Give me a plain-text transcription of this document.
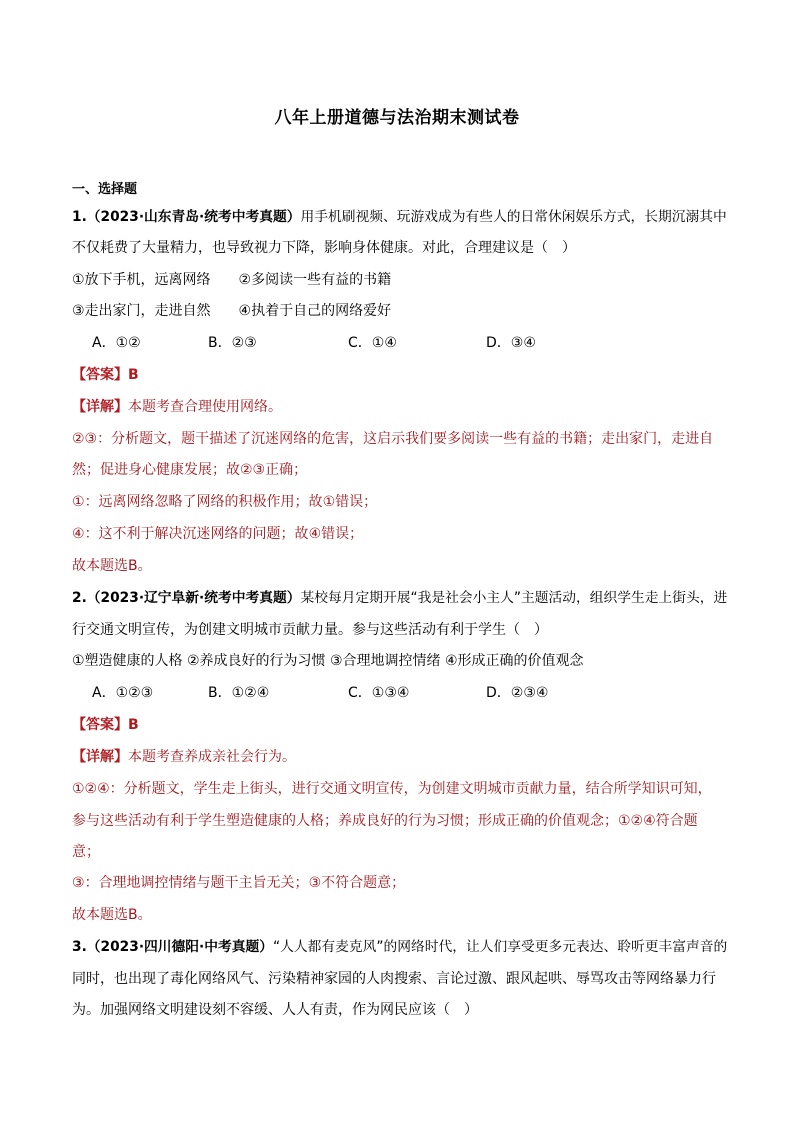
八年上册道德与法治期末测试卷
一、选择题
1.（2023·山东青岛·统考中考真题）用手机刷视频、玩游戏成为有些人的日常休闲娱乐方式，长期沉溺其中
不仅耗费了大量精力，也导致视力下降，影响身体健康。对此，合理建议是（　）
①放下手机，远离网络　　②多阅读一些有益的书籍
③走出家门，走进自然　　④执着于自己的网络爱好
A．①②	B．②③	C．①④	D．③④
【答案】B
【详解】本题考查合理使用网络。
②③：分析题文，题干描述了沉迷网络的危害，这启示我们要多阅读一些有益的书籍；走出家门，走进自
然；促进身心健康发展；故②③正确；
①：远离网络忽略了网络的积极作用；故①错误；
④：这不利于解决沉迷网络的问题；故④错误；
故本题选B。
2.（2023·辽宁阜新·统考中考真题）某校每月定期开展“我是社会小主人”主题活动，组织学生走上街头，进
行交通文明宣传，为创建文明城市贡献力量。参与这些活动有利于学生（　）
①塑造健康的人格 ②养成良好的行为习惯 ③合理地调控情绪 ④形成正确的价值观念
A．①②③	B．①②④	C．①③④	D．②③④
【答案】B
【详解】本题考查养成亲社会行为。
①②④：分析题文，学生走上街头，进行交通文明宣传，为创建文明城市贡献力量，结合所学知识可知，
参与这些活动有利于学生塑造健康的人格；养成良好的行为习惯；形成正确的价值观念；①②④符合题
意；
③：合理地调控情绪与题干主旨无关；③不符合题意；
故本题选B。
3.（2023·四川德阳·中考真题）“人人都有麦克风”的网络时代，让人们享受更多元表达、聆听更丰富声音的
同时，也出现了毒化网络风气、污染精神家园的人肉搜索、言论过激、跟风起哄、辱骂攻击等网络暴力行
为。加强网络文明建设刻不容缓、人人有责，作为网民应该（　）
